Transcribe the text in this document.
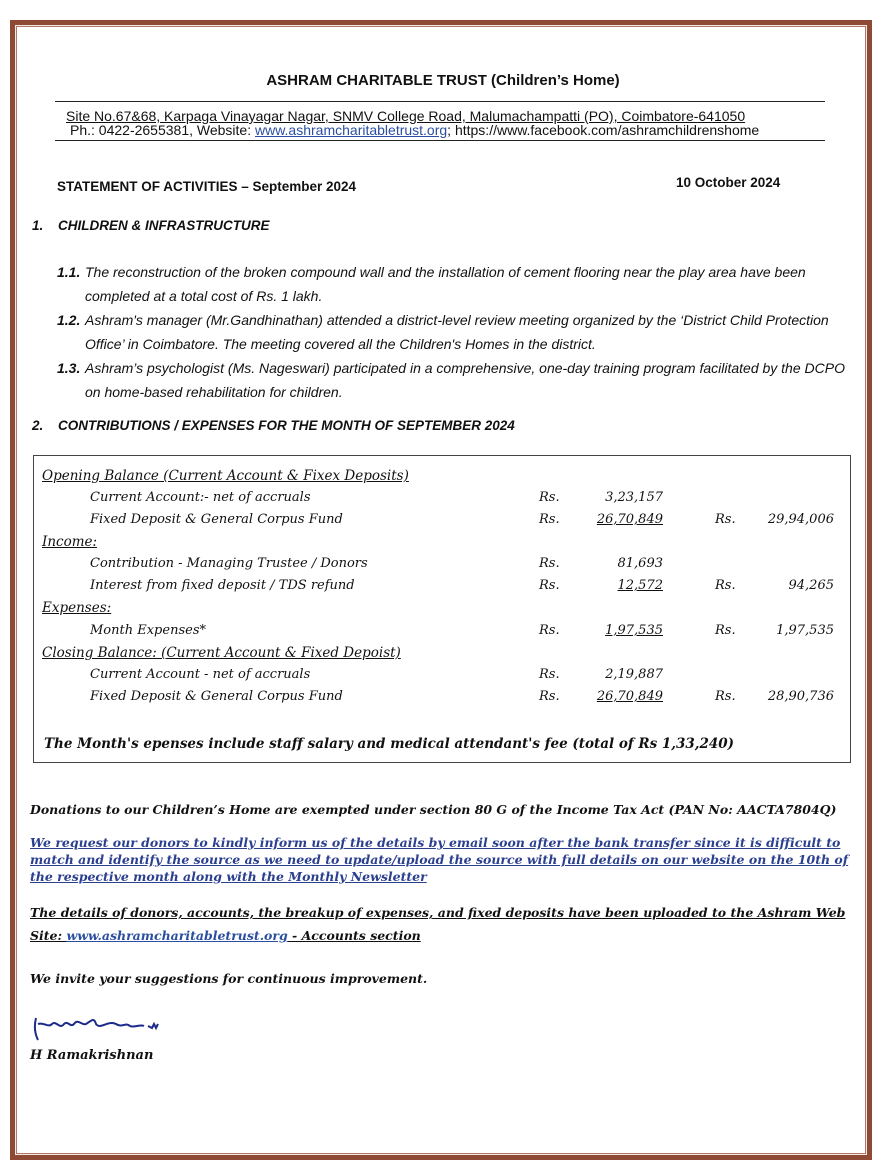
ASHRAM CHARITABLE TRUST (Children’s Home)
Site No.67&68, Karpaga Vinayagar Nagar, SNMV College Road, Malumachampatti (PO), Coimbatore-641050
Ph.: 0422-2655381, Website: www.ashramcharitabletrust.org; https://www.facebook.com/ashramchildrenshome
STATEMENT OF ACTIVITIES – September 2024	10 October 2024
1. CHILDREN & INFRASTRUCTURE
1.1. The reconstruction of the broken compound wall and the installation of cement flooring near the play area have been completed at a total cost of Rs. 1 lakh.
1.2. Ashram's manager (Mr.Gandhinathan) attended a district-level review meeting organized by the ‘District Child Protection Office’ in Coimbatore. The meeting covered all the Children's Homes in the district.
1.3. Ashram’s psychologist (Ms. Nageswari) participated in a comprehensive, one-day training program facilitated by the DCPO on home-based rehabilitation for children.
2. CONTRIBUTIONS / EXPENSES FOR THE MONTH OF SEPTEMBER 2024
Opening Balance (Current Account & Fixex Deposits)
Current Account:- net of accruals	Rs.	3,23,157
Fixed Deposit & General Corpus Fund	Rs.	26,70,849	Rs. 29,94,006
Income:
Contribution - Managing Trustee / Donors	Rs.	81,693
Interest from fixed deposit / TDS refund	Rs.	12,572	Rs.	94,265
Expenses:
Month Expenses*	Rs.	1,97,535	Rs.	1,97,535
Closing Balance: (Current Account & Fixed Depoist)
Current Account - net of accruals	Rs.	2,19,887
Fixed Deposit & General Corpus Fund	Rs.	26,70,849	Rs. 28,90,736
The Month's epenses include staff salary and medical attendant's fee (total of Rs 1,33,240)
Donations to our Children’s Home are exempted under section 80 G of the Income Tax Act (PAN No: AACTA7804Q)
We request our donors to kindly inform us of the details by email soon after the bank transfer since it is difficult to match and identify the source as we need to update/upload the source with full details on our website on the 10th of the respective month along with the Monthly Newsletter
The details of donors, accounts, the breakup of expenses, and fixed deposits have been uploaded to the Ashram Web Site: www.ashramcharitabletrust.org - Accounts section
We invite your suggestions for continuous improvement.
H Ramakrishnan
